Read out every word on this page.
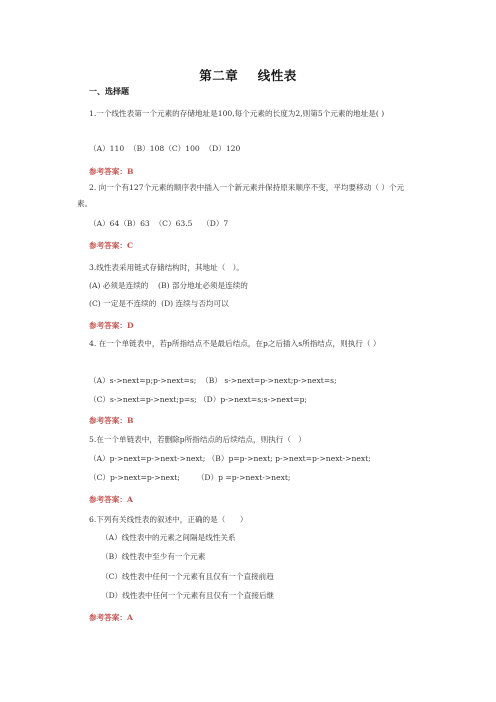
第二章    线性表
一、选择题
1.一个线性表第一个元素的存储地址是100,每个元素的长度为2,则第5个元素的地址是( )
（A）110  （B）108（C）100  （D）120
参考答案：B
2. 向一个有127个元素的顺序表中插入一个新元素并保持原来顺序不变，平均要移动（ ）个元素。
（A）64（B）63  （C）63.5    （D）7
参考答案：C
3.线性表采用链式存储结构时，其地址（   ）。
(A) 必须是连续的    (B) 部分地址必须是连续的
(C) 一定是不连续的  (D) 连续与否均可以
参考答案：D
4. 在一个单链表中，若p所指结点不是最后结点，在p之后插入s所指结点，则执行（ ）
（A）s->next=p;p->next=s;  （B） s->next=p->next;p->next=s;
（C）s->next=p->next;p=s; （D）p->next=s;s->next=p;
参考答案：B
5.在一个单链表中，若删除p所指结点的后续结点，则执行（   ）
（A）p->next=p->next->next; （B）p=p->next; p->next=p->next->next;
（C）p->next=p->next;       （D）p =p->next->next;
参考答案：A
6.下列有关线性表的叙述中，正确的是（      ）
（A）线性表中的元素之间隔是线性关系
（B）线性表中至少有一个元素
（C）线性表中任何一个元素有且仅有一个直接前趋
（D）线性表中任何一个元素有且仅有一个直接后继
参考答案：A
